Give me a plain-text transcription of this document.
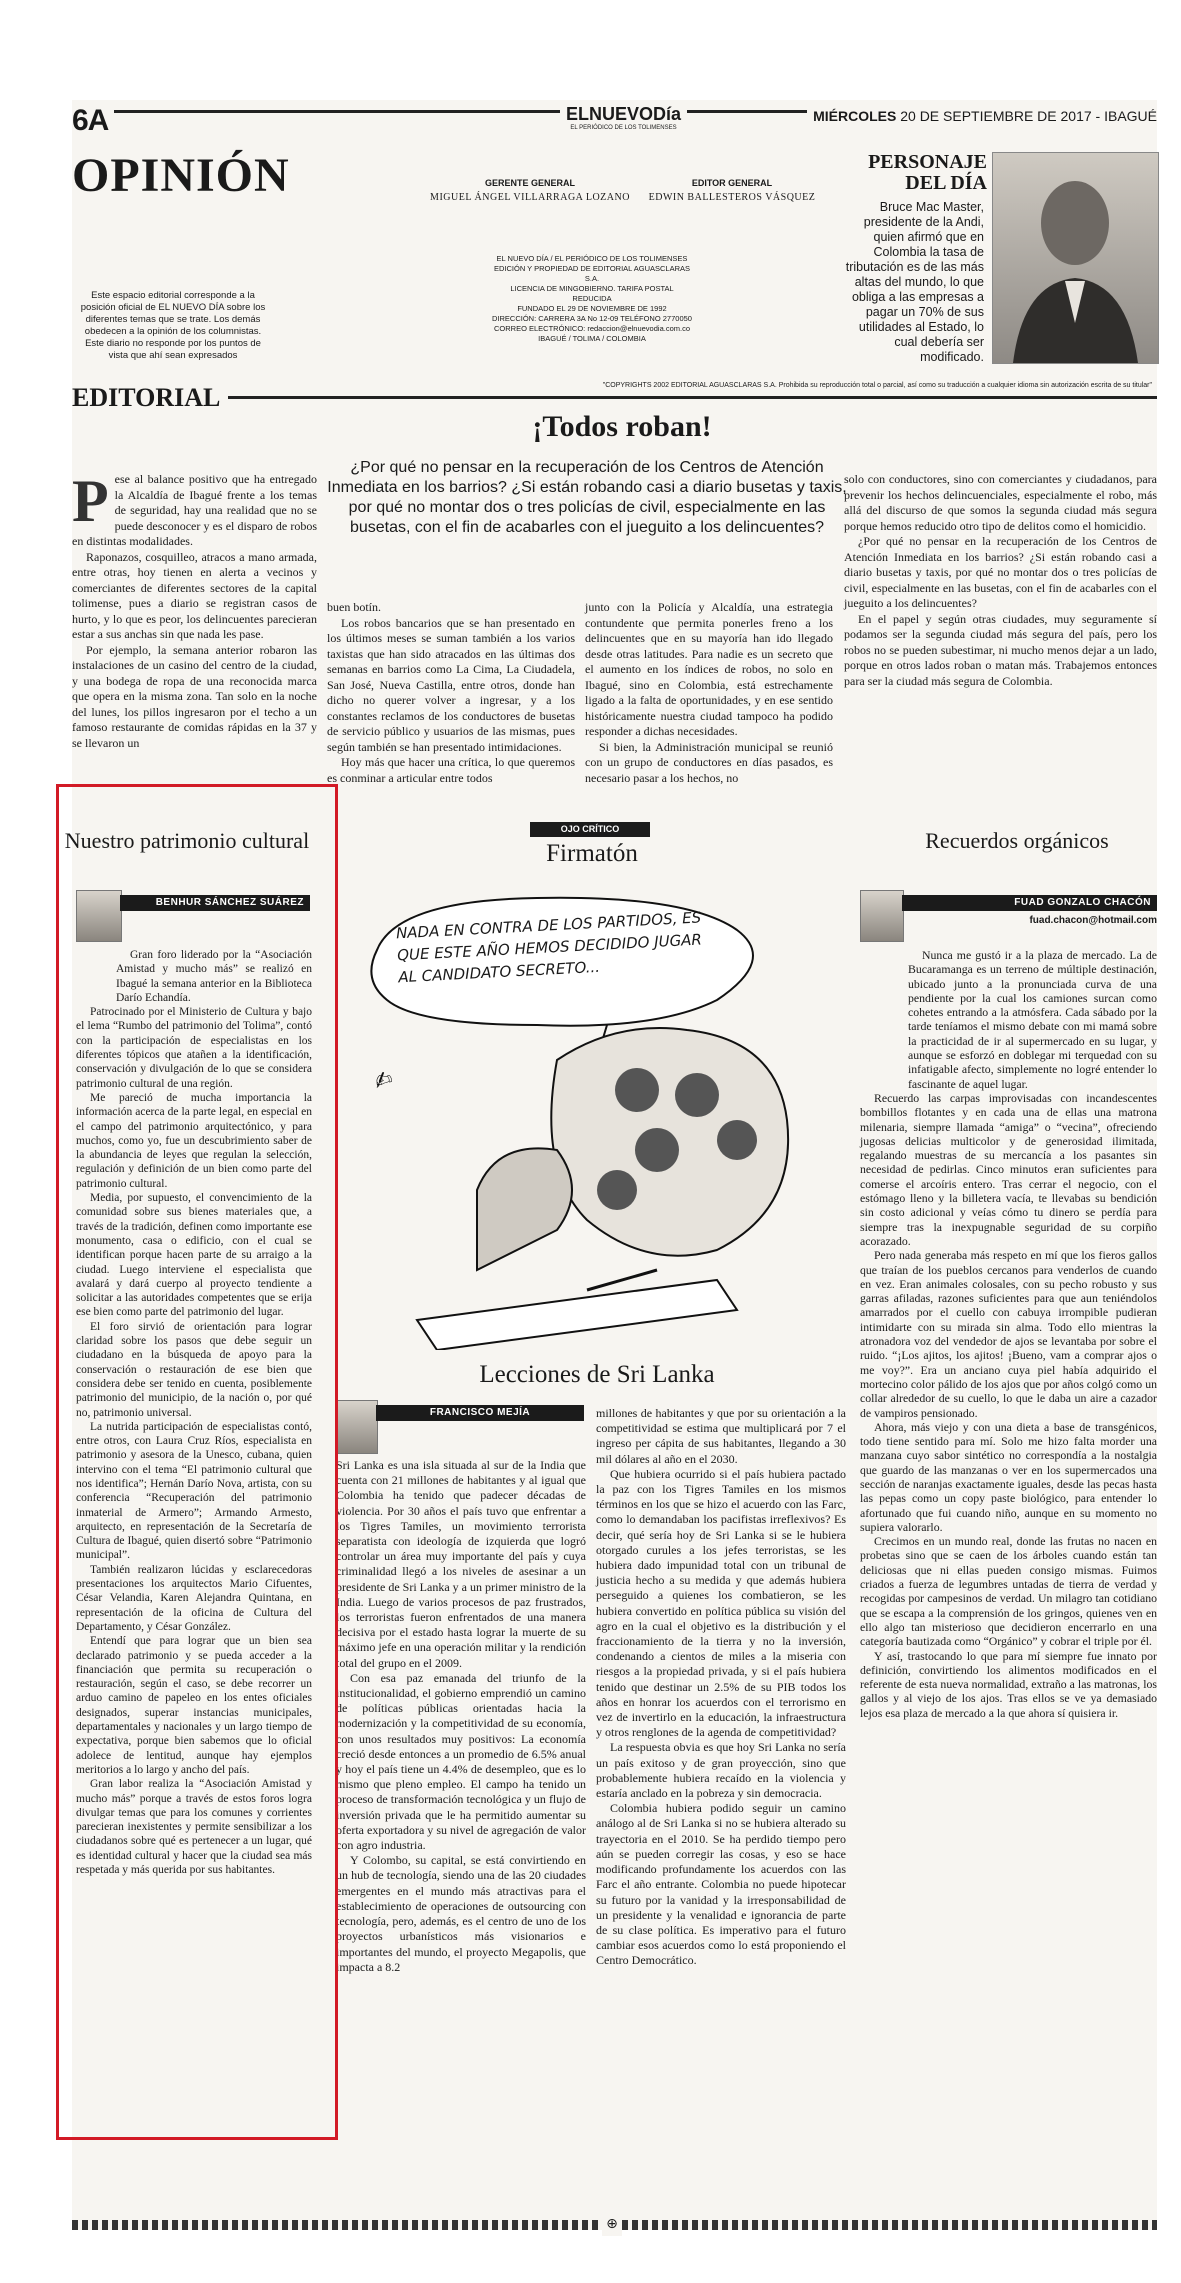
6A	ELNUEVODía
EL PERIÓDICO DE LOS TOLIMENSES
MIÉRCOLES 20 DE SEPTIEMBRE DE 2017 - IBAGUÉ
OPINIÓN
Este espacio editorial corresponde a la posición oficial de EL NUEVO DÍA sobre los diferentes temas que se trate. Los demás obedecen a la opinión de los columnistas. Este diario no responde por los puntos de vista que ahí sean expresados
GERENTE GENERAL
MIGUEL ÁNGEL VILLARRAGA LOZANO
EDITOR GENERAL
EDWIN BALLESTEROS VÁSQUEZ
EL NUEVO DÍA / EL PERIÓDICO DE LOS TOLIMENSES
EDICIÓN Y PROPIEDAD DE EDITORIAL AGUASCLARAS S.A.
LICENCIA DE MINGOBIERNO. TARIFA POSTAL REDUCIDA
FUNDADO EL 29 DE NOVIEMBRE DE 1992
DIRECCIÓN: CARRERA 3A No 12-09 TELÉFONO 2770050
CORREO ELECTRÓNICO: redaccion@elnuevodia.com.co
IBAGUÉ / TOLIMA / COLOMBIA
PERSONAJE
DEL DÍA
Bruce Mac Master, presidente de la Andi, quien afirmó que en Colombia la tasa de tributación es de las más altas del mundo, lo que obliga a las empresas a pagar un 70% de sus utilidades al Estado, lo cual debería ser modificado.
EDITORIAL	"COPYRIGHTS 2002 EDITORIAL AGUASCLARAS S.A. Prohibida su reproducción total o parcial, así como su traducción a cualquier idioma sin autorización escrita de su titular"
¡Todos roban!
¿Por qué no pensar en la recuperación de los Centros de Atención Inmediata en los barrios? ¿Si están robando casi a diario busetas y taxis, por qué no montar dos o tres policías de civil, especialmente en las busetas, con el fin de acabarles con el jueguito a los delincuentes?
P ese al balance positivo que ha entregado la Alcaldía de Ibagué frente a los temas de seguridad, hay una realidad que no se puede desconocer y es el disparo de robos en distintas modalidades.

Raponazos, cosquilleo, atracos a mano armada, entre otras, hoy tienen en alerta a vecinos y comerciantes de diferentes sectores de la capital tolimense, pues a diario se registran casos de hurto, y lo que es peor, los delincuentes parecieran estar a sus anchas sin que nada les pase.

Por ejemplo, la semana anterior robaron las instalaciones de un casino del centro de la ciudad, y una bodega de ropa de una reconocida marca que opera en la misma zona. Tan solo en la noche del lunes, los pillos ingresaron por el techo a un famoso restaurante de comidas rápidas en la 37 y se llevaron un

buen botín.

Los robos bancarios que se han presentado en los últimos meses se suman también a los varios taxistas que han sido atracados en las últimas dos semanas en barrios como La Cima, La Ciudadela, San José, Nueva Castilla, entre otros, donde han dicho no querer volver a ingresar, y a los constantes reclamos de los conductores de busetas de servicio público y usuarios de las mismas, pues según también se han presentado intimidaciones.

Hoy más que hacer una crítica, lo que queremos es conminar a articular entre todos

junto con la Policía y Alcaldía, una estrategia contundente que permita ponerles freno a los delincuentes que en su mayoría han ido llegado desde otras latitudes. Para nadie es un secreto que el aumento en los índices de robos, no solo en Ibagué, sino en Colombia, está estrechamente ligado a la falta de oportunidades, y en ese sentido históricamente nuestra ciudad tampoco ha podido responder a dichas necesidades.

Si bien, la Administración municipal se reunió con un grupo de conductores en días pasados, es necesario pasar a los hechos, no

solo con conductores, sino con comerciantes y ciudadanos, para prevenir los hechos delincuenciales, especialmente el robo, más allá del discurso de que somos la segunda ciudad más segura porque hemos reducido otro tipo de delitos como el homicidio.

¿Por qué no pensar en la recuperación de los Centros de Atención Inmediata en los barrios? ¿Si están robando casi a diario busetas y taxis, por qué no montar dos o tres policías de civil, especialmente en las busetas, con el fin de acabarles con el jueguito a los delincuentes?

En el papel y según otras ciudades, muy seguramente sí podamos ser la segunda ciudad más segura del país, pero los robos no se pueden subestimar, ni mucho menos dejar a un lado, porque en otros lados roban o matan más. Trabajemos entonces para ser la ciudad más segura de Colombia.

Nuestro patrimonio cultural
BENHUR SÁNCHEZ SUÁREZ

Gran foro liderado por la “Asociación Amistad y mucho más” se realizó en Ibagué la semana anterior en la Biblioteca Darío Echandía.

Patrocinado por el Ministerio de Cultura y bajo el lema “Rumbo del patrimonio del Tolima”, contó con la participación de especialistas en los diferentes tópicos que atañen a la identificación, conservación y divulgación de lo que se considera patrimonio cultural de una región.

Me pareció de mucha importancia la información acerca de la parte legal, en especial en el campo del patrimonio arquitectónico, y para muchos, como yo, fue un descubrimiento saber de la abundancia de leyes que regulan la selección, regulación y definición de un bien como parte del patrimonio cultural.

Media, por supuesto, el convencimiento de la comunidad sobre sus bienes materiales que, a través de la tradición, definen como importante ese monumento, casa o edificio, con el cual se identifican porque hacen parte de su arraigo a la ciudad. Luego interviene el especialista que avalará y dará cuerpo al proyecto tendiente a solicitar a las autoridades competentes que se erija ese bien como parte del patrimonio del lugar.

El foro sirvió de orientación para lograr claridad sobre los pasos que debe seguir un ciudadano en la búsqueda de apoyo para la conservación o restauración de ese bien que considera debe ser tenido en cuenta, posiblemente patrimonio del municipio, de la nación o, por qué no, patrimonio universal.

La nutrida participación de especialistas contó, entre otros, con Laura Cruz Ríos, especialista en patrimonio y asesora de la Unesco, cubana, quien intervino con el tema “El patrimonio cultural que nos identifica”; Hernán Darío Nova, artista, con su conferencia “Recuperación del patrimonio inmaterial de Armero”; Armando Armesto, arquitecto, en representación de la Secretaría de Cultura de Ibagué, quien disertó sobre “Patrimonio municipal”.

También realizaron lúcidas y esclarecedoras presentaciones los arquitectos Mario Cifuentes, César Velandia, Karen Alejandra Quintana, en representación de la oficina de Cultura del Departamento, y César González.

Entendí que para lograr que un bien sea declarado patrimonio y se pueda acceder a la financiación que permita su recuperación o restauración, según el caso, se debe recorrer un arduo camino de papeleo en los entes oficiales designados, superar instancias municipales, departamentales y nacionales y un largo tiempo de expectativa, porque bien sabemos que lo oficial adolece de lentitud, aunque hay ejemplos meritorios a lo largo y ancho del país.

Gran labor realiza la “Asociación Amistad y mucho más” porque a través de estos foros logra divulgar temas que para los comunes y corrientes parecieran inexistentes y permite sensibilizar a los ciudadanos sobre qué es pertenecer a un lugar, qué es identidad cultural y hacer que la ciudad sea más respetada y más querida por sus habitantes.

OJO CRÍTICO
Firmatón
✍
NADA EN CONTRA DE LOS PARTIDOS, ES QUE ESTE AÑO HEMOS DECIDIDO JUGAR AL CANDIDATO SECRETO...
Lecciones de Sri Lanka
FRANCISCO MEJÍA

Sri Lanka es una isla situada al sur de la India que cuenta con 21 millones de habitantes y al igual que Colombia ha tenido que padecer décadas de violencia. Por 30 años el país tuvo que enfrentar a los Tigres Tamiles, un movimiento terrorista separatista con ideología de izquierda que logró controlar un área muy importante del país y cuya criminalidad llegó a los niveles de asesinar a un presidente de Sri Lanka y a un primer ministro de la India. Luego de varios procesos de paz frustrados, los terroristas fueron enfrentados de una manera decisiva por el estado hasta lograr la muerte de su máximo jefe en una operación militar y la rendición total del grupo en el 2009.

Con esa paz emanada del triunfo de la institucionalidad, el gobierno emprendió un camino de políticas públicas orientadas hacia la modernización y la competitividad de su economía, con unos resultados muy positivos: La economía creció desde entonces a un promedio de 6.5% anual y hoy el país tiene un 4.4% de desempleo, que es lo mismo que pleno empleo. El campo ha tenido un proceso de transformación tecnológica y un flujo de inversión privada que le ha permitido aumentar su oferta exportadora y su nivel de agregación de valor con agro industria.

Y Colombo, su capital, se está convirtiendo en un hub de tecnología, siendo una de las 20 ciudades emergentes en el mundo más atractivas para el establecimiento de operaciones de outsourcing con tecnología, pero, además, es el centro de uno de los proyectos urbanísticos más visionarios e importantes del mundo, el proyecto Megapolis, que impacta a 8.2

millones de habitantes y que por su orientación a la competitividad se estima que multiplicará por 7 el ingreso per cápita de sus habitantes, llegando a 30 mil dólares al año en el 2030.

Que hubiera ocurrido si el país hubiera pactado la paz con los Tigres Tamiles en los mismos términos en los que se hizo el acuerdo con las Farc, como lo demandaban los pacifistas irreflexivos? Es decir, qué sería hoy de Sri Lanka si se le hubiera otorgado curules a los jefes terroristas, se les hubiera dado impunidad total con un tribunal de justicia hecho a su medida y que además hubiera perseguido a quienes los combatieron, se les hubiera convertido en política pública su visión del agro en la cual el objetivo es la distribución y el fraccionamiento de la tierra y no la inversión, condenando a cientos de miles a la miseria con riesgos a la propiedad privada, y si el país hubiera tenido que destinar un 2.5% de su PIB todos los años en honrar los acuerdos con el terrorismo en vez de invertirlo en la educación, la infraestructura y otros renglones de la agenda de competitividad?

La respuesta obvia es que hoy Sri Lanka no sería un país exitoso y de gran proyección, sino que probablemente hubiera recaído en la violencia y estaría anclado en la pobreza y sin democracia.

Colombia hubiera podido seguir un camino análogo al de Sri Lanka si no se hubiera alterado su trayectoria en el 2010. Se ha perdido tiempo pero aún se pueden corregir las cosas, y eso se hace modificando profundamente los acuerdos con las Farc el año entrante. Colombia no puede hipotecar su futuro por la vanidad y la irresponsabilidad de un presidente y la venalidad e ignorancia de parte de su clase política. Es imperativo para el futuro cambiar esos acuerdos como lo está proponiendo el Centro Democrático.

Recuerdos orgánicos
FUAD GONZALO CHACÓN
fuad.chacon@hotmail.com

Nunca me gustó ir a la plaza de mercado. La de Bucaramanga es un terreno de múltiple destinación, ubicado junto a la pronunciada curva de una pendiente por la cual los camiones surcan como cohetes entrando a la atmósfera. Cada sábado por la tarde teníamos el mismo debate con mi mamá sobre la practicidad de ir al supermercado en su lugar, y aunque se esforzó en doblegar mi terquedad con su infatigable afecto, simplemente no logré entender lo fascinante de aquel lugar.

Recuerdo las carpas improvisadas con incandescentes bombillos flotantes y en cada una de ellas una matrona milenaria, siempre llamada “amiga” o “vecina”, ofreciendo jugosas delicias multicolor y de generosidad ilimitada, regalando muestras de su mercancía a los pasantes sin necesidad de pedirlas. Cinco minutos eran suficientes para comerse el arcoíris entero. Tras cerrar el negocio, con el estómago lleno y la billetera vacía, te llevabas su bendición sin costo adicional y veías cómo tu dinero se perdía para siempre tras la inexpugnable seguridad de su corpiño acorazado.

Pero nada generaba más respeto en mí que los fieros gallos que traían de los pueblos cercanos para venderlos de cuando en vez. Eran animales colosales, con su pecho robusto y sus garras afiladas, razones suficientes para que aun teniéndolos amarrados por el cuello con cabuya irrompible pudieran intimidarte con su mirada sin alma. Todo ello mientras la atronadora voz del vendedor de ajos se levantaba por sobre el ruido. “¡Los ajitos, los ajitos! ¡Bueno, vam a comprar ajos o me voy?”. Era un anciano cuya piel había adquirido el mortecino color pálido de los ajos que por años colgó como un collar alrededor de su cuello, lo que le daba un aire a cazador de vampiros pensionado.

Ahora, más viejo y con una dieta a base de transgénicos, todo tiene sentido para mí. Solo me hizo falta morder una manzana cuyo sabor sintético no correspondía a la nostalgia que guardo de las manzanas o ver en los supermercados una sección de naranjas exactamente iguales, desde las pecas hasta las pepas como un copy paste biológico, para entender lo afortunado que fui cuando niño, aunque en su momento no supiera valorarlo.

Crecimos en un mundo real, donde las frutas no nacen en probetas sino que se caen de los árboles cuando están tan deliciosas que ni ellas pueden consigo mismas. Fuimos criados a fuerza de legumbres untadas de tierra de verdad y recogidas por campesinos de verdad. Un milagro tan cotidiano que se escapa a la comprensión de los gringos, quienes ven en ello algo tan misterioso que decidieron encerrarlo en una categoría bautizada como “Orgánico” y cobrar el triple por él.

Y así, trastocando lo que para mí siempre fue innato por definición, convirtiendo los alimentos modificados en el referente de esta nueva normalidad, extraño a las matronas, los gallos y al viejo de los ajos. Tras ellos se ve ya demasiado lejos esa plaza de mercado a la que ahora sí quisiera ir.

⊕
